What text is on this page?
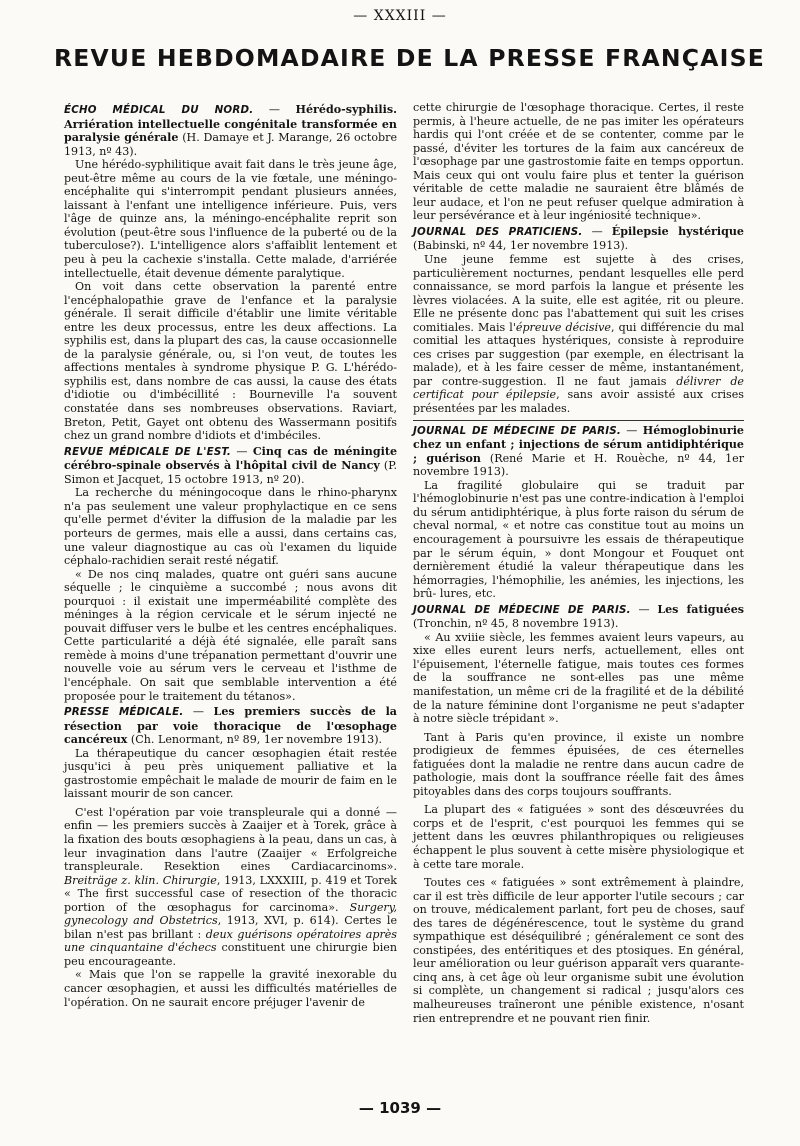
— XXXIII —
REVUE HEBDOMADAIRE DE LA PRESSE FRANÇAISE

ÉCHO MÉDICAL DU NORD. — Hérédo-syphilis. Arriération intellectuelle congénitale transformée en paralysie générale (H. Damaye et J. Marange, 26 octobre 1913, nº 43).

Une hérédo-syphilitique avait fait dans le très jeune âge, peut-être même au cours de la vie fœtale, une méningo-encéphalite qui s'interrompit pendant plusieurs années, laissant à l'enfant une intelligence inférieure. Puis, vers l'âge de quinze ans, la méningo-encéphalite reprit son évolution (peut-être sous l'influence de la puberté ou de la tuberculose?). L'intelligence alors s'affaiblit lentement et peu à peu la cachexie s'installa. Cette malade, d'arriérée intellectuelle, était devenue démente paralytique.

On voit dans cette observation la parenté entre l'encéphalopathie grave de l'enfance et la paralysie générale. Il serait difficile d'établir une limite véritable entre les deux processus, entre les deux affections. La syphilis est, dans la plupart des cas, la cause occasionnelle de la paralysie générale, ou, si l'on veut, de toutes les affections mentales à syndrome physique P. G. L'hérédo-syphilis est, dans nombre de cas aussi, la cause des états d'idiotie ou d'imbécillité : Bourneville l'a souvent constatée dans ses nombreuses observations. Raviart, Breton, Petit, Gayet ont obtenu des Wassermann positifs chez un grand nombre d'idiots et d'imbéciles.

REVUE MÉDICALE DE L'EST. — Cinq cas de méningite cérébro-spinale observés à l'hôpital civil de Nancy (P. Simon et Jacquet, 15 octobre 1913, nº 20).

La recherche du méningocoque dans le rhino-pharynx n'a pas seulement une valeur prophylactique en ce sens qu'elle permet d'éviter la diffusion de la maladie par les porteurs de germes, mais elle a aussi, dans certains cas, une valeur diagnostique au cas où l'examen du liquide céphalo-rachidien serait resté négatif.

« De nos cinq malades, quatre ont guéri sans aucune séquelle ; le cinquième a succombé ; nous avons dit pourquoi : il existait une imperméabilité complète des méninges à la région cervicale et le sérum injecté ne pouvait diffuser vers le bulbe et les centres encéphaliques. Cette particularité a déjà été signalée, elle paraît sans remède à moins d'une trépanation permettant d'ouvrir une nouvelle voie au sérum vers le cerveau et l'isthme de l'encéphale. On sait que semblable intervention a été proposée pour le traitement du tétanos».

PRESSE MÉDICALE. — Les premiers succès de la résection par voie thoracique de l'œsophage cancéreux (Ch. Lenormant, nº 89, 1er novembre 1913).

La thérapeutique du cancer œsophagien était restée jusqu'ici à peu près uniquement palliative et la gastrostomie empêchait le malade de mourir de faim en le laissant mourir de son cancer.

C'est l'opération par voie transpleurale qui a donné — enfin — les premiers succès à Zaaijer et à Torek, grâce à la fixation des bouts œsophagiens à la peau, dans un cas, à leur invagination dans l'autre (Zaaijer « Erfolgreiche transpleurale. Resektion eines Cardiacarcinoms». Breiträge z. klin. Chirurgie, 1913, LXXXIII, p. 419 et Torek « The first successful case of resection of the thoracic portion of the œsophagus for carcinoma». Surgery, gynecology and Obstetrics, 1913, XVI, p. 614). Certes le bilan n'est pas brillant : deux guérisons opératoires après une cinquantaine d'échecs constituent une chirurgie bien peu encourageante.

« Mais que l'on se rappelle la gravité inexorable du cancer œsophagien, et aussi les difficultés matérielles de l'opération. On ne saurait encore préjuger l'avenir de

cette chirurgie de l'œsophage thoracique. Certes, il reste permis, à l'heure actuelle, de ne pas imiter les opérateurs hardis qui l'ont créée et de se contenter, comme par le passé, d'éviter les tortures de la faim aux cancéreux de l'œsophage par une gastrostomie faite en temps opportun. Mais ceux qui ont voulu faire plus et tenter la guérison véritable de cette maladie ne sauraient être blâmés de leur audace, et l'on ne peut refuser quelque admiration à leur persévérance et à leur ingéniosité technique».

JOURNAL DES PRATICIENS. — Épilepsie hystérique (Babinski, nº 44, 1er novembre 1913).

Une jeune femme est sujette à des crises, particulièrement nocturnes, pendant lesquelles elle perd connaissance, se mord parfois la langue et présente les lèvres violacées. A la suite, elle est agitée, rit ou pleure. Elle ne présente donc pas l'abattement qui suit les crises comitiales. Mais l'épreuve décisive, qui différencie du mal comitial les attaques hystériques, consiste à reproduire ces crises par suggestion (par exemple, en électrisant la malade), et à les faire cesser de même, instantanément, par contre-suggestion. Il ne faut jamais délivrer de certificat pour épilepsie, sans avoir assisté aux crises présentées par les malades.

JOURNAL DE MÉDECINE DE PARIS. — Hémoglobinurie chez un enfant ; injections de sérum antidiphtérique ; guérison (René Marie et H. Rouèche, nº 44, 1er novembre 1913).

La fragilité globulaire qui se traduit par l'hémoglobinurie n'est pas une contre-indication à l'emploi du sérum antidiphtérique, à plus forte raison du sérum de cheval normal, « et notre cas constitue tout au moins un encouragement à poursuivre les essais de thérapeutique par le sérum équin, » dont Mongour et Fouquet ont dernièrement étudié la valeur thérapeutique dans les hémorragies, l'hémophilie, les anémies, les injections, les brû- lures, etc.

JOURNAL DE MÉDECINE DE PARIS. — Les fatiguées (Tronchin, nº 45, 8 novembre 1913).

« Au xviiie siècle, les femmes avaient leurs vapeurs, au xixe elles eurent leurs nerfs, actuellement, elles ont l'épuisement, l'éternelle fatigue, mais toutes ces formes de la souffrance ne sont-elles pas une même manifestation, un même cri de la fragilité et de la débilité de la nature féminine dont l'organisme ne peut s'adapter à notre siècle trépidant ».

Tant à Paris qu'en province, il existe un nombre prodigieux de femmes épuisées, de ces éternelles fatiguées dont la maladie ne rentre dans aucun cadre de pathologie, mais dont la souffrance réelle fait des âmes pitoyables dans des corps toujours souffrants.

La plupart des « fatiguées » sont des désœuvrées du corps et de l'esprit, c'est pourquoi les femmes qui se jettent dans les œuvres philanthropiques ou religieuses échappent le plus souvent à cette misère physiologique et à cette tare morale.

Toutes ces « fatiguées » sont extrêmement à plaindre, car il est très difficile de leur apporter l'utile secours ; car on trouve, médicalement parlant, fort peu de choses, sauf des tares de dégénérescence, tout le système du grand sympathique est déséquilibré ; généralement ce sont des constipées, des entéritiques et des ptosiques. En général, leur amélioration ou leur guérison apparaît vers quarante-cinq ans, à cet âge où leur organisme subit une évolution si complète, un changement si radical ; jusqu'alors ces malheureuses traîneront une pénible existence, n'osant rien entreprendre et ne pouvant rien finir.

— 1039 —
